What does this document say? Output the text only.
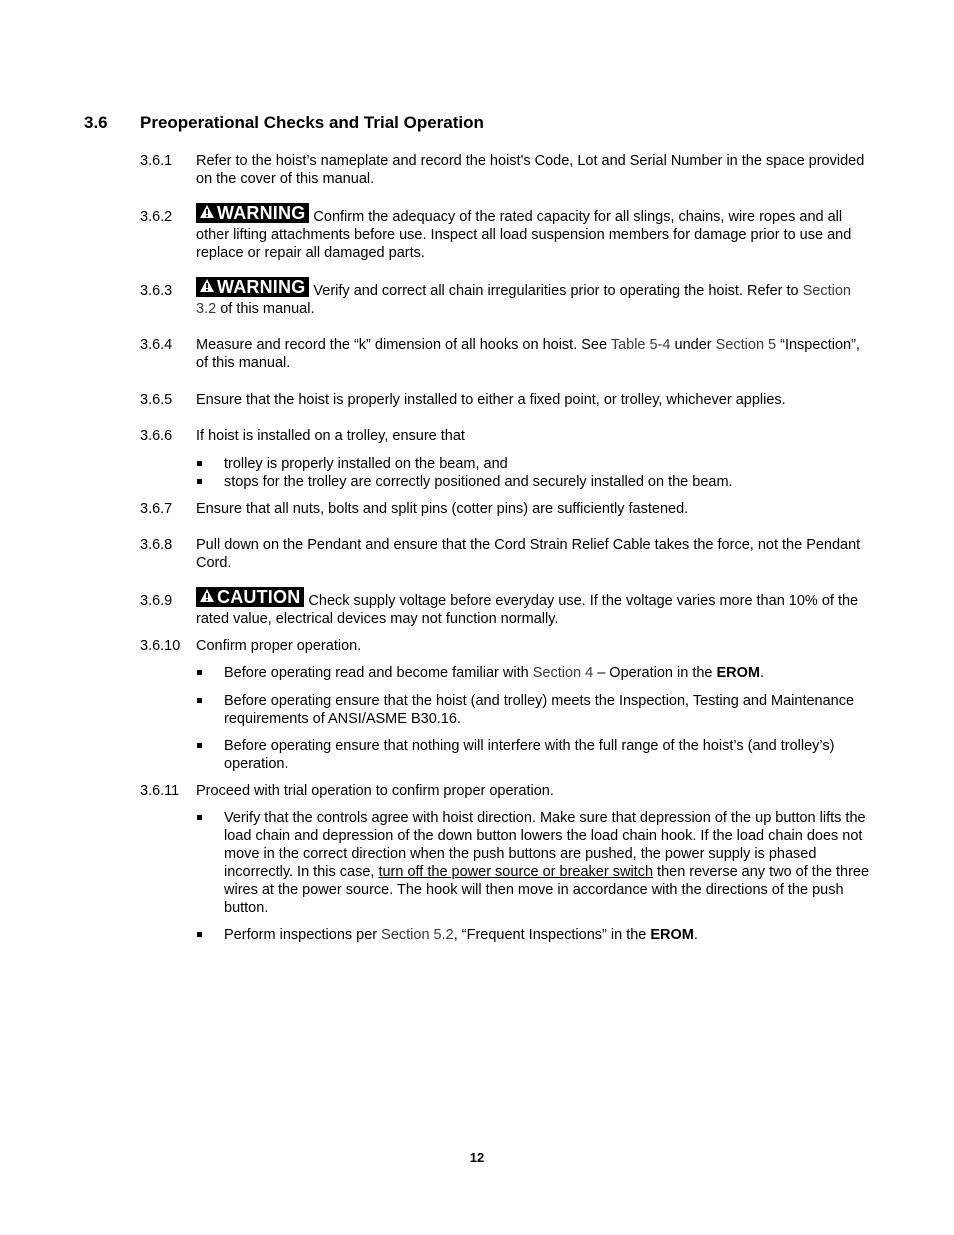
3.6 Preoperational Checks and Trial Operation
3.6.1 Refer to the hoist’s nameplate and record the hoist's Code, Lot and Serial Number in the space provided on the cover of this manual.
3.6.2	WARNING Confirm the adequacy of the rated capacity for all slings, chains, wire ropes and all other lifting attachments before use. Inspect all load suspension members for damage prior to use and replace or repair all damaged parts.
3.6.3	WARNING Verify and correct all chain irregularities prior to operating the hoist. Refer to Section 3.2 of this manual.
3.6.4 Measure and record the “k” dimension of all hooks on hoist. See Table 5-4 under Section 5 “Inspection”, of this manual.
3.6.5 Ensure that the hoist is properly installed to either a fixed point, or trolley, whichever applies.
3.6.6 If hoist is installed on a trolley, ensure that
trolley is properly installed on the beam, and
stops for the trolley are correctly positioned and securely installed on the beam.
3.6.7 Ensure that all nuts, bolts and split pins (cotter pins) are sufficiently fastened.
3.6.8 Pull down on the Pendant and ensure that the Cord Strain Relief Cable takes the force, not the Pendant Cord.
3.6.9	CAUTION Check supply voltage before everyday use. If the voltage varies more than 10% of the rated value, electrical devices may not function normally.
3.6.10 Confirm proper operation.
Before operating read and become familiar with Section 4 – Operation in the EROM.
Before operating ensure that the hoist (and trolley) meets the Inspection, Testing and Maintenance requirements of ANSI/ASME B30.16.
Before operating ensure that nothing will interfere with the full range of the hoist’s (and trolley’s) operation.
3.6.11 Proceed with trial operation to confirm proper operation.
Verify that the controls agree with hoist direction. Make sure that depression of the up button lifts the load chain and depression of the down button lowers the load chain hook. If the load chain does not move in the correct direction when the push buttons are pushed, the power supply is phased incorrectly. In this case, turn off the power source or breaker switch then reverse any two of the three wires at the power source. The hook will then move in accordance with the directions of the push button.
Perform inspections per Section 5.2, “Frequent Inspections” in the EROM.
12
